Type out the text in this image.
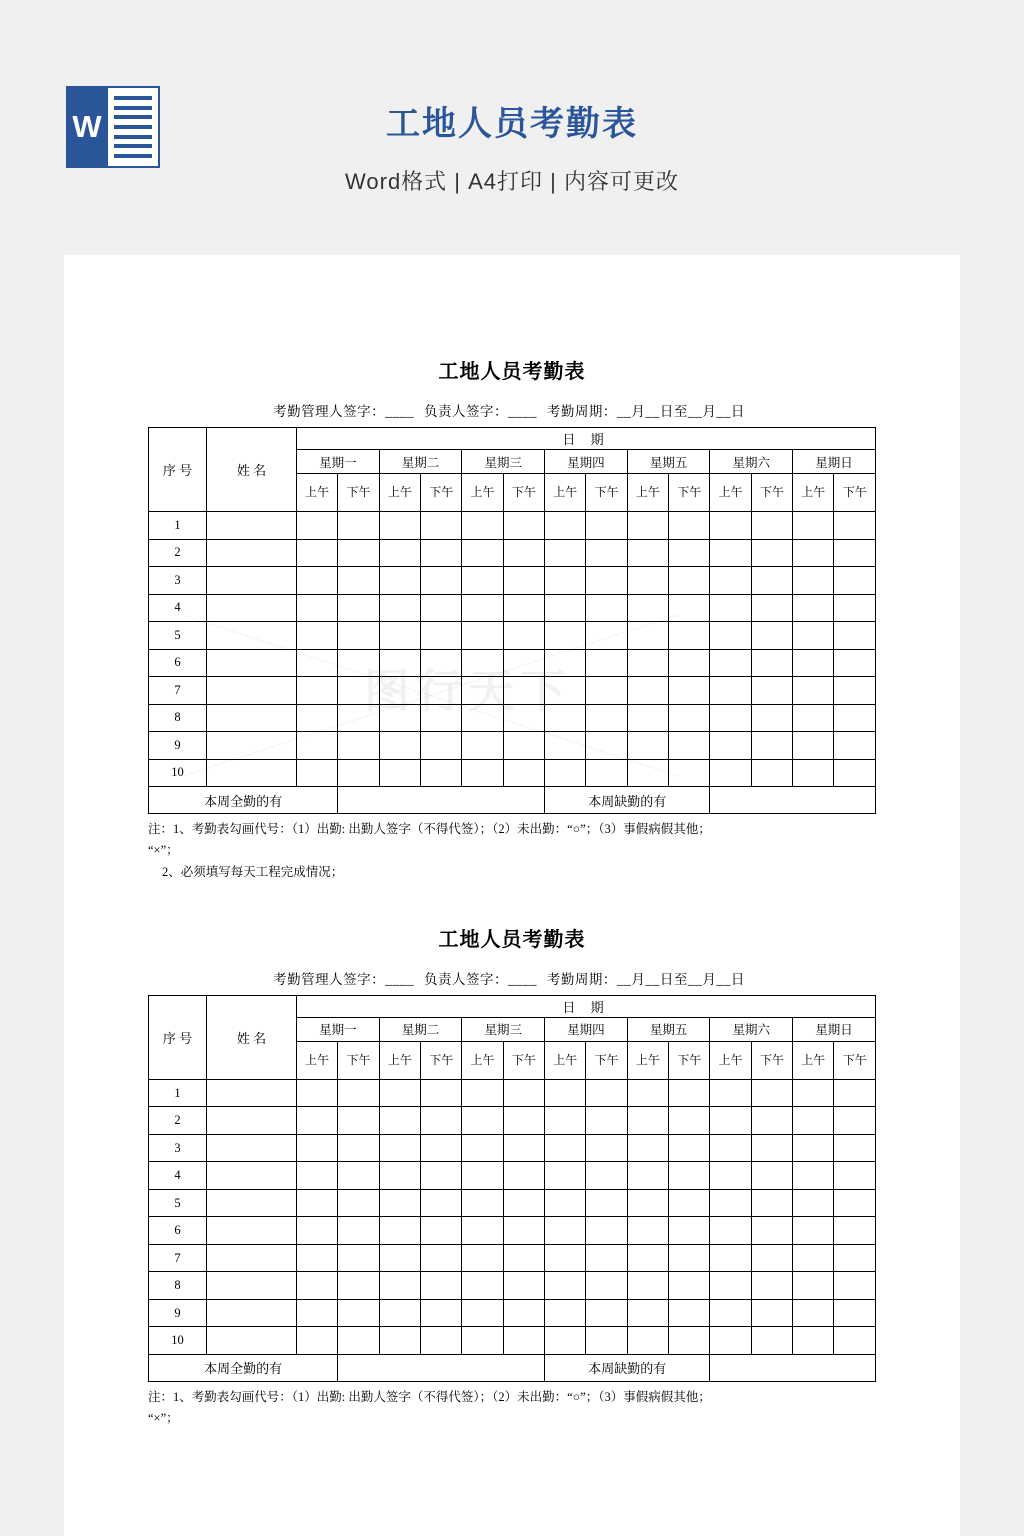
W	工地人员考勤表
Word格式 | A4打印 | 内容可更改
图行天下
工地人员考勤表
考勤管理人签字：____ 负责人签字：____ 考勤周期：__月__日至__月__日
序 号	姓 名	日 期													
		星期一		星期二		星期三		星期四		星期五		星期六		星期日	
		上午	下午	上午	下午	上午	下午	上午	下午	上午	下午	上午	下午	上午	下午
1															
2															
3															
4															
5															
6															
7															
8															
9															
10															
本周全勤的有								本周缺勤的有							
注：1、考勤表勾画代号：（1）出勤: 出勤人签字（不得代签）；（2）未出勤：“○”；（3）事假病假其他；
“×”；
2、必须填写每天工程完成情况；
工地人员考勤表
考勤管理人签字：____ 负责人签字：____ 考勤周期：__月__日至__月__日
序 号	姓 名	日 期													
		星期一		星期二		星期三		星期四		星期五		星期六		星期日	
		上午	下午	上午	下午	上午	下午	上午	下午	上午	下午	上午	下午	上午	下午
1															
2															
3															
4															
5															
6															
7															
8															
9															
10															
本周全勤的有								本周缺勤的有							
注：1、考勤表勾画代号：（1）出勤: 出勤人签字（不得代签）；（2）未出勤：“○”；（3）事假病假其他；
“×”；
